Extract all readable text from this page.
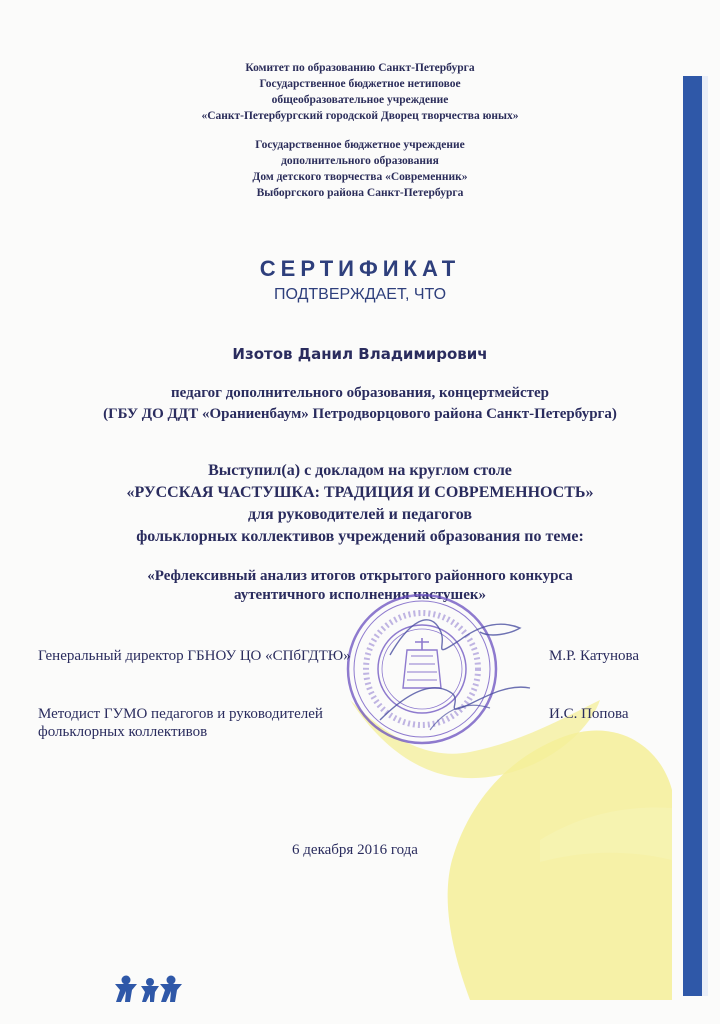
Комитет по образованию Санкт-Петербурга
Государственное бюджетное нетиповое
общеобразовательное учреждение
«Санкт-Петербургский городской Дворец творчества юных»
Государственное бюджетное учреждение
дополнительного образования
Дом детского творчества «Современник»
Выборгского района Санкт-Петербурга
СЕРТИФИКАТ
ПОДТВЕРЖДАЕТ, ЧТО
Изотов Данил Владимирович
педагог дополнительного образования, концертмейстер
(ГБУ ДО ДДТ «Ораниенбаум» Петродворцового района Санкт-Петербурга)
Выступил(а) с докладом на круглом столе
«РУССКАЯ ЧАСТУШКА: ТРАДИЦИЯ И СОВРЕМЕННОСТЬ»
для руководителей и педагогов
фольклорных коллективов учреждений образования по теме:
«Рефлексивный анализ итогов открытого районного конкурса
аутентичного исполнения частушек»
Генеральный директор ГБНОУ ЦО «СПбГДТЮ»	М.Р. Катунова
Методист ГУМО педагогов и руководителей
фольклорных коллективов
И.С. Попова
6 декабря 2016 года
